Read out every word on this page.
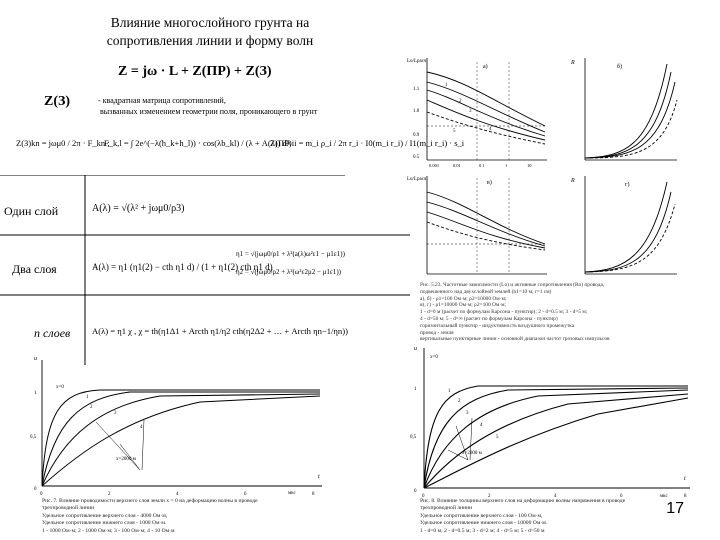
Влияние многослойного грунта на
сопротивления линии и форму волн
Z = jω · L + Z(ПР) + Z(З)
Z(З)	- квадратная матрица сопротивлений,
вызванных изменением геометрии поля, проникающего в грунт
Z(З)kn = jωμ0 / 2π · F_kn ;
F_k,l = ∫ 2e^(−λ(h_k+h_l)) · cos(λb_kl) / (λ + A(λ)) dλ
Z(ПР)ii = m_i ρ_i / 2π r_i · I0(m_i r_i) / I1(m_i r_i) · s_i
Один слой	A(λ) = √(λ² + jωμ0/ρ3)
Два слоя	A(λ) = η1 (η1(2) − cth η1 d) / (1 + η1(2) cth η1 d)
η1 = √(jωμ0/ρ1 + λ²(a(λ)ω²ε1 − μ1ε1))
η2 = √(jωμ0/ρ2 + λ²(ω²ε2μ2 − μ1ε1))
n слоев	A(λ) = η1 χ , χ = th(η1Δ1 + Arcth η1/η2 cth(η2Δ2 + … + Arcth ηn−1/ηn))
Lо/Lрасч
а)
1.1
1.0
0.9
0.5
0.001	0.01	0.1	1	10
1
2
3
4
5
R
б)
Lо/Lрасч
в)	R
г)
Рис. 5.23. Частотные зависимости (Lо) и активные сопротивления (Rо) провода,
подвешенного над двухслойной землей (h1=10 м; r=1 см)
а), б) - ρ1=100 Ом·м; ρ2=10000 Ом·м;
в), г) - ρ1=10000 Ом·м; ρ2=100 Ом·м;
1 - d=0 м (расчет по формулам Карсона - пунктир); 2 - d=0.5 м; 3 - d=5 м;
4 - d=50 м; 5 - d=∞ (расчет по формулам Карсона - пунктир)
горизонтальный пунктир - индуктивность воздушного промежутка
провод - земля
вертикальные пунктирные линии - основной диапазон частот грозовых импульсов
u
1
0,5
0
0	2	4	6	8
t
мкс
x=0
x=2000 м
1
2
3
4
Рис. 7. Влияние проводимости верхнего слоя земли x = 0 на деформацию волны в проводе
трехпроводной линии
Удельное сопротивление верхнего слоя - 4000 Ом·м,
Удельное сопротивление нижнего слоя - 1000 Ом·м.
1 - 1000 Ом·м; 2 - 1000 Ом·м; 3 - 100 Ом·м; 4 - 10 Ом·м
u
1
0,5
0
0	2	4	6	8
t
мкс
x=0
x=2000 м
1
2
3
4
5
Рис. 8. Влияние толщины верхнего слоя на деформацию волны напряжения в проводе
трехпроводной линии
Удельное сопротивление верхнего слоя - 100 Ом·м,
Удельное сопротивление нижнего слоя - 10000 Ом·м.
1 - d=0 м; 2 - d=0.5 м; 3 - d=2 м; 4 - d=5 м; 5 - d=50 м
17
